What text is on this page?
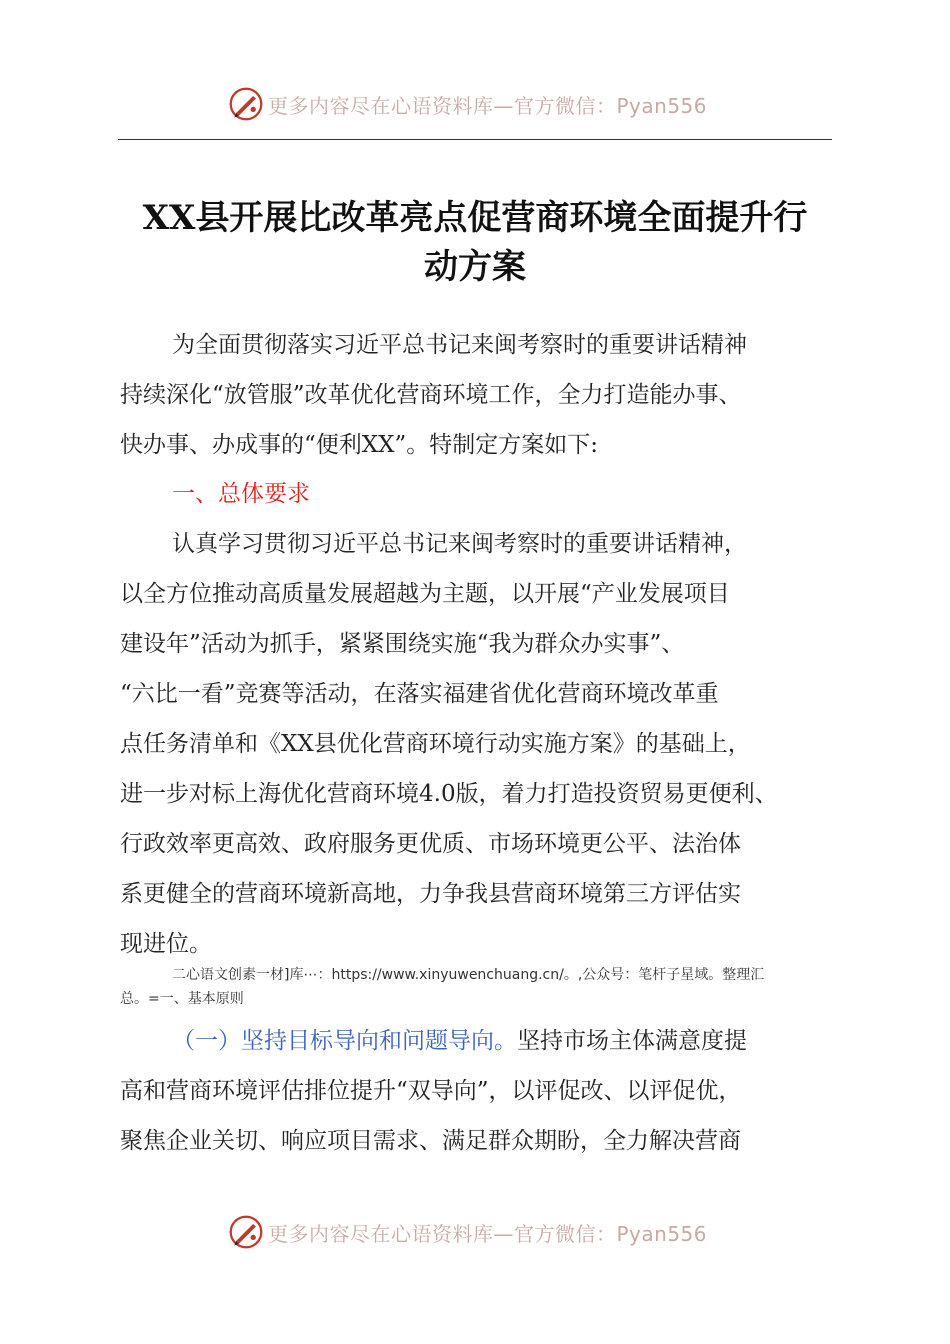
更多内容尽在心语资料库—官方微信：Pyan556
XX县开展比改革亮点促营商环境全面提升行
动方案
为全面贯彻落实习近平总书记来闽考察时的重要讲话精神
持续深化“放管服”改革优化营商环境工作，全力打造能办事、
快办事、办成事的“便利XX”。特制定方案如下:
一、总体要求
认真学习贯彻习近平总书记来闽考察时的重要讲话精神，
以全方位推动高质量发展超越为主题，以开展“产业发展项目
建设年”活动为抓手，紧紧围绕实施“我为群众办实事”、
“六比一看”竞赛等活动，在落实福建省优化营商环境改革重
点任务清单和《XX县优化营商环境行动实施方案》的基础上，
进一步对标上海优化营商环境4.0版，着力打造投资贸易更便利、
行政效率更高效、政府服务更优质、市场环境更公平、法治体
系更健全的营商环境新高地，力争我县营商环境第三方评估实
现进位。
二心语文创素一材]库⋯：https://www.xinyuwenchuang.cn/。,公众号：笔杆子星域。整理汇
总。=一、基本原则
（一）坚持目标导向和问题导向。坚持市场主体满意度提
高和营商环境评估排位提升“双导向”，以评促改、以评促优，
聚焦企业关切、响应项目需求、满足群众期盼，全力解决营商
更多内容尽在心语资料库—官方微信：Pyan556
